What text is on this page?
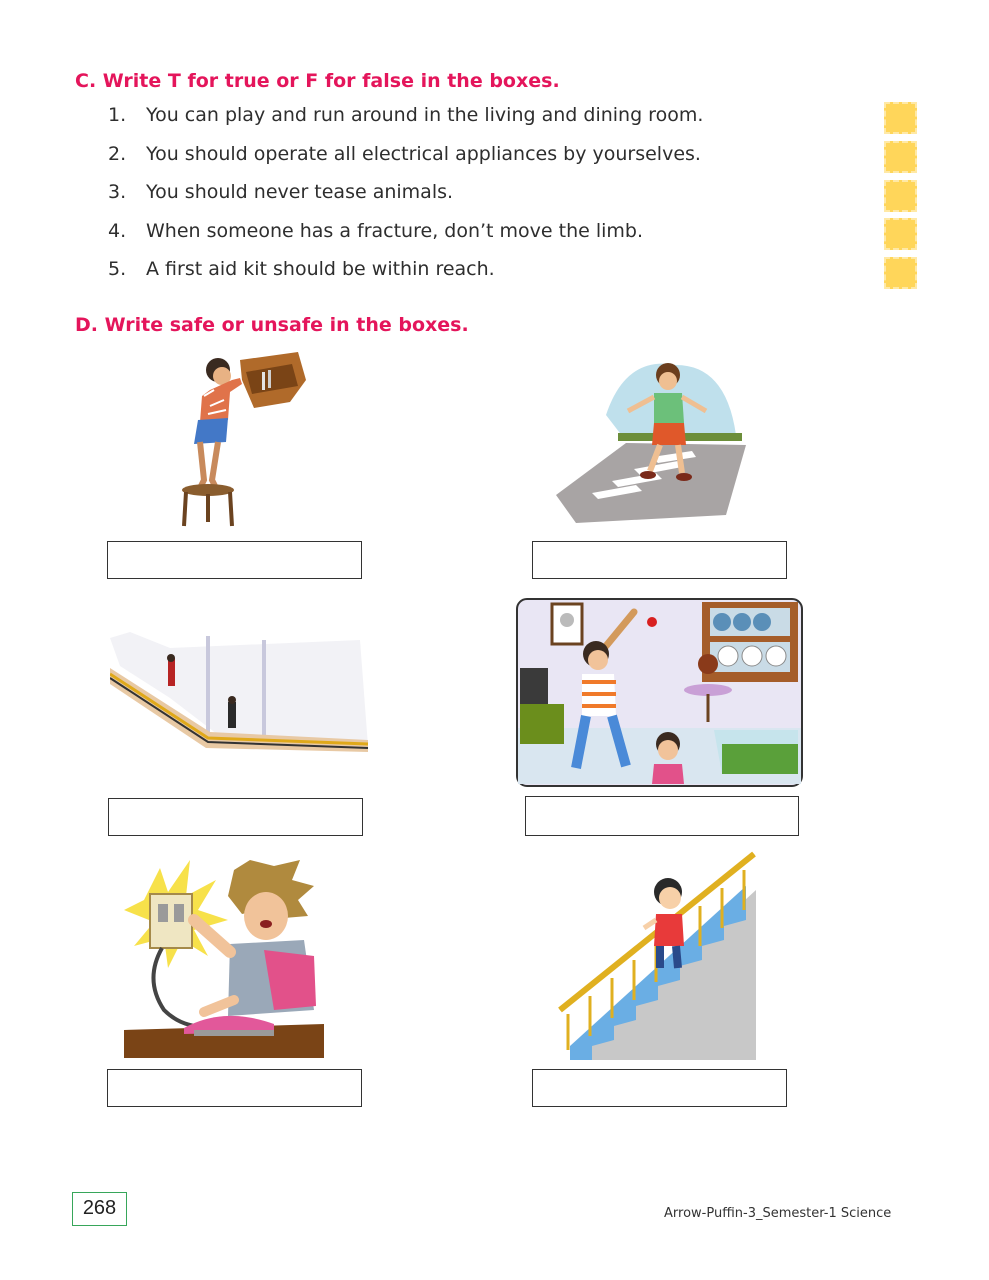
C. Write T for true or F for false in the boxes.
1. You can play and run around in the living and dining room.
2. You should operate all electrical appliances by yourselves.
3. You should never tease animals.
4. When someone has a fracture, don’t move the limb.
5. A first aid kit should be within reach.
D. Write safe or unsafe in the boxes.
268	Arrow-Puffin-3_Semester-1 Science
